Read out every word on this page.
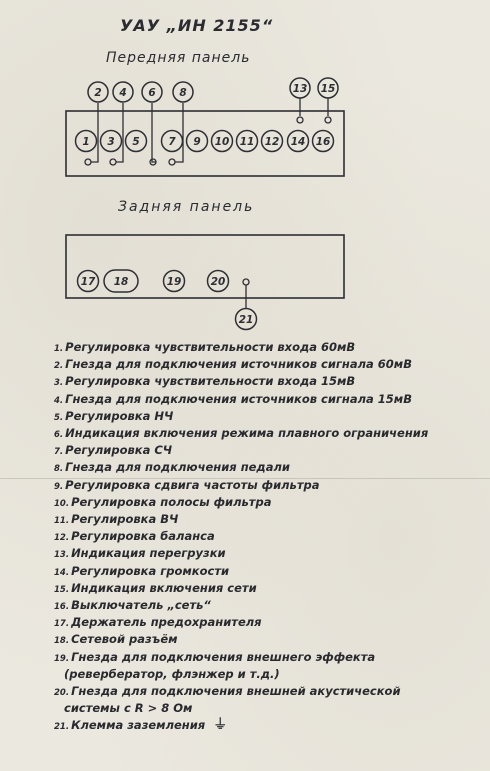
УАУ „ИН 2155“
Передняя панель
Задняя панель
1 3 5	7 9 10 11 12 14 16
2 4 6 8	13 15
17 18	19	20
21
1. Регулировка чувствительности входа 60мВ
2. Гнезда для подключения источников сигнала 60мВ
3. Регулировка чувствительности входа 15мВ
4. Гнезда для подключения источников сигнала 15мВ
5. Регулировка НЧ
6. Индикация включения режима плавного ограничения
7. Регулировка СЧ
8. Гнезда для подключения педали
9. Регулировка сдвига частоты фильтра
10. Регулировка полосы фильтра
11. Регулировка ВЧ
12. Регулировка баланса
13. Индикация перегрузки
14. Регулировка громкости
15. Индикация включения сети
16. Выключатель „сеть“
17. Держатель предохранителя
18. Сетевой разъём
19. Гнезда для подключения внешнего эффекта
(ревербератор, флэнжер и т.д.)
20. Гнезда для подключения внешней акустической
системы с R > 8 Ом
21. Клемма заземления ⏚
